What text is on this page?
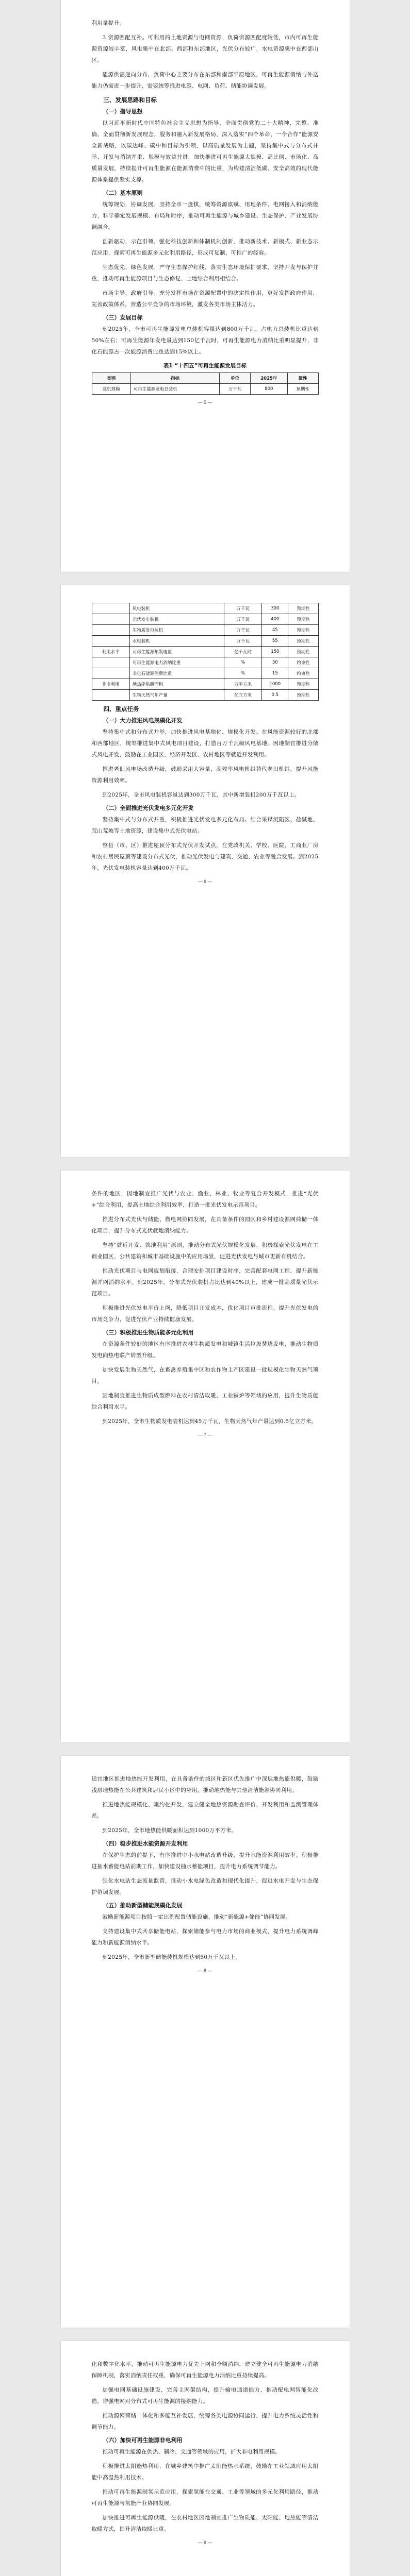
利用量提升。

3.资源匹配互补。可利用的土地资源与电网资源、负荷资源匹配度较低，市内可再生能源资源较丰富，风电集中在北部、西部和东部地区，光伏分布较广，水电资源集中在西部山区。

能源供需逆向分布，负荷中心主要分布在东部和南部平原地区，可再生能源消纳与外送能力仍需进一步提升，需要统筹推进电源、电网、负荷、储能协调发展。

三、发展思路和目标
（一）指导思想

以习近平新时代中国特色社会主义思想为指导，全面贯彻党的二十大精神，完整、准确、全面贯彻新发展理念，服务和融入新发展格局，深入落实“四个革命、一个合作”能源安全新战略，以碳达峰、碳中和目标为引领，以高质量发展为主题，坚持集中式与分布式并举、开发与消纳并重、规模与效益并进，加快推进可再生能源大规模、高比例、市场化、高质量发展，持续提升可再生能源在能源消费中的比重，为构建清洁低碳、安全高效的现代能源体系提供坚实支撑。

（二）基本原则

统筹规划，协调发展。坚持全市一盘棋，统筹资源禀赋、用地条件、电网接入和消纳能力，科学确定发展规模、布局和时序，推动可再生能源与城乡建设、生态保护、产业发展协调融合。

创新驱动，示范引领。强化科技创新和体制机制创新，推动新技术、新模式、新业态示范应用，探索可再生能源多元化利用路径，形成可复制、可推广的经验。

生态优先，绿色发展。严守生态保护红线，落实生态环境保护要求，坚持开发与保护并重，推动可再生能源项目与生态修复、土地综合利用相结合。

市场主导，政府引导。充分发挥市场在资源配置中的决定性作用，更好发挥政府作用，完善政策体系，营造公平竞争的市场环境，激发各类市场主体活力。

（三）发展目标

到2025年，全市可再生能源发电总装机容量达到800万千瓦，占电力总装机比重达到50%左右；可再生能源年发电量达到150亿千瓦时，可再生能源电力消纳比重明显提升，非化石能源占一次能源消费比重达到15%以上。

表1 “十四五”可再生能源发展目标
类别	指标	单位	2025年	属性
装机规模	可再生能源发电总装机	万千瓦	800	预期性
— 5 —
	风电装机	万千瓦	300	预期性
	光伏发电装机	万千瓦	400	预期性
	生物质发电装机	万千瓦	45	预期性
	水电装机	万千瓦	55	预期性
利用水平	可再生能源年发电量	亿千瓦时	150	预期性
	可再生能源电力消纳比重	%	30	约束性
	非化石能源消费比重	%	15	约束性
非电利用	地热能供暖面积	万平方米	1000	预期性
	生物天然气年产量	亿立方米	0.5	预期性
四、重点任务
（一）大力推进风电规模化开发

坚持集中式和分布式并举，加快推进风电基地化、规模化开发。在风能资源较好的北部和西部地区，统筹推进集中式风电项目建设，打造百万千瓦级风电基地。因地制宜推进分散式风电开发，鼓励在工业园区、经济开发区、农村地区等就近开发利用。

推进老旧风电场改造升级，鼓励采用大容量、高效率风电机组替代老旧机组，提升风能资源利用效率。

到2025年，全市风电装机容量达到300万千瓦，其中新增装机200万千瓦以上。

（二）全面推进光伏发电多元化开发

坚持集中式与分布式并重，积极推进光伏发电多元化布局。结合采煤沉陷区、盐碱地、荒山荒坡等土地资源，建设集中式光伏电站。

整县（市、区）推进屋顶分布式光伏开发试点，在党政机关、学校、医院、工商业厂房和农村居民屋顶等建设分布式光伏，推动光伏发电与建筑、交通、农业等融合发展。到2025年，光伏发电装机容量达到400万千瓦。

— 6 —

条件的地区，因地制宜推广光伏与农业、渔业、林业、牧业等复合开发模式，推进“光伏+”综合利用，提高土地综合利用效率，打造一批光伏发电示范项目。

推进分布式光伏与储能、微电网协同发展，在具备条件的园区和乡村建设源网荷储一体化项目，提升分布式光伏就地消纳能力。

坚持“就近开发、就地利用”原则，推动分布式光伏规模化发展，积极探索光伏发电在工商业园区、公共建筑和城市基础设施中的应用场景，促进光伏发电与城市更新有机结合。

推动光伏项目与电网规划衔接，合理安排项目建设时序，完善配套电网工程，提升新能源并网消纳水平。到2025年，分布式光伏装机占比达到40%以上，建成一批高质量光伏示范项目。

积极推进光伏发电平价上网，降低项目开发成本，优化项目审批流程，提升光伏发电的市场竞争力，促进光伏产业持续健康发展。

（三）积极推进生物质能多元化利用

在资源条件较好的地区有序推进农林生物质发电和城镇生活垃圾焚烧发电，推动生物质发电向热电联产转型升级。

加快发展生物天然气，在畜禽养殖集中区和农作物主产区建设一批规模化生物天然气项目。

因地制宜推进生物质成型燃料在农村清洁取暖、工业锅炉等领域的应用，提升生物质能综合利用水平。

到2025年，全市生物质发电装机达到45万千瓦，生物天然气年产量达到0.5亿立方米。

— 7 —

适宜地区推进地热能开发利用，在具备条件的城区和新区优先推广中深层地热能供暖，鼓励浅层地热能在公共建筑和居民小区中的应用，推动地热能与其他清洁能源协同利用。

推进地热能规模化、集约化开发，建立健全地热资源勘查评价、开发利用和监测管理体系。

到2025年，全市地热能供暖面积达到1000万平方米。

（四）稳步推进水能资源开发利用

在保护生态的前提下，有序推进中小水电站改造升级，提升水能资源利用效率。积极推进抽水蓄能电站前期工作，加快建设抽水蓄能项目，提升电力系统调节能力。

强化水电站生态流量监管，推动小水电绿色改造和现代化提升，促进水电开发与生态保护协调发展。

（五）推动新型储能规模化发展

鼓励新能源项目按照一定比例配置储能设施，推动“新能源+储能”协同发展。

支持建设集中式共享储能电站，探索储能参与电力市场的商业模式，提升电力系统调峰能力和新能源消纳水平。

到2025年，全市新型储能装机规模达到50万千瓦以上。

— 8 —

化和数字化水平，推动可再生能源电力优先上网和全额消纳，建立健全可再生能源电力消纳保障机制，落实消纳责任权重，确保可再生能源电力消纳比重持续提高。

加强电网基础设施建设，完善主网架结构，提升输电通道能力，推动配电网智能化改造，增强电网对分布式可再生能源的接纳能力。

推动源网荷储一体化和多能互补发展，统筹各类电源协同运行，提升电力系统灵活性和调节能力。

（六）加快可再生能源非电利用

推动可再生能源在供热、制冷、交通等领域的应用，扩大非电利用规模。

积极推进太阳能热利用，在城乡建筑中推广太阳能热水系统，鼓励在工业领域应用太阳能中高温热利用技术。

推动可再生能源制氢示范应用，探索氢能在交通、工业等领域的多元化利用路径，推动可再生能源与氢能产业协同发展。

加快推进可再生能源供暖，在农村地区因地制宜推广生物质能、太阳能、地热能等清洁取暖方式，提升清洁取暖比重。

— 9 —
